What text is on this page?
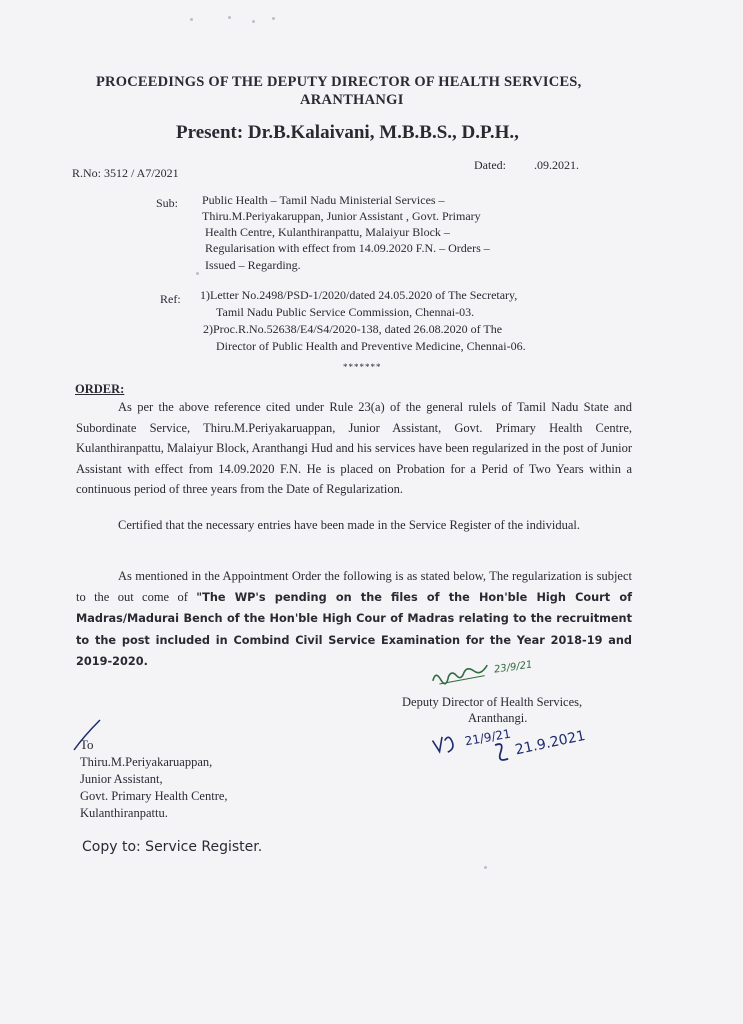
PROCEEDINGS OF THE DEPUTY DIRECTOR OF HEALTH SERVICES,
ARANTHANGI
Present: Dr.B.Kalaivani, M.B.B.S., D.P.H.,
R.No: 3512 / A7/2021
Dated: .09.2021.
Sub: Public Health – Tamil Nadu Ministerial Services –
Thiru.M.Periyakaruppan, Junior Assistant , Govt. Primary
Health Centre, Kulanthiranpattu, Malaiyur Block –
Regularisation with effect from 14.09.2020 F.N. – Orders –
Issued – Regarding.
Ref: 1)Letter No.2498/PSD-1/2020/dated 24.05.2020 of The Secretary,
Tamil Nadu Public Service Commission, Chennai-03.
2)Proc.R.No.52638/E4/S4/2020-138, dated 26.08.2020 of The
Director of Public Health and Preventive Medicine, Chennai-06.
*******
ORDER:
As per the above reference cited under Rule 23(a) of the general rulels of Tamil Nadu State and Subordinate Service, Thiru.M.Periyakaruappan, Junior Assistant, Govt. Primary Health Centre, Kulanthiranpattu, Malaiyur Block, Aranthangi Hud and his services have been regularized in the post of Junior Assistant with effect from 14.09.2020 F.N. He is placed on Probation for a Perid of Two Years within a continuous period of three years from the Date of Regularization.
Certified that the necessary entries have been made in the Service Register of the individual.
As mentioned in the Appointment Order the following is as stated below, The regularization is subject to the out come of "The WP's pending on the files of the Hon'ble High Court of Madras/Madurai Bench of the Hon'ble High Cour of Madras relating to the recruitment to the post included in Combind Civil Service Examination for the Year 2018-19 and 2019-2020.	23/9/21
Deputy Director of Health Services,
Aranthangi.
21/9/21 21.9.2021
To
Thiru.M.Periyakaruappan,
Junior Assistant,
Govt. Primary Health Centre,
Kulanthiranpattu.
Copy to: Service Register.
